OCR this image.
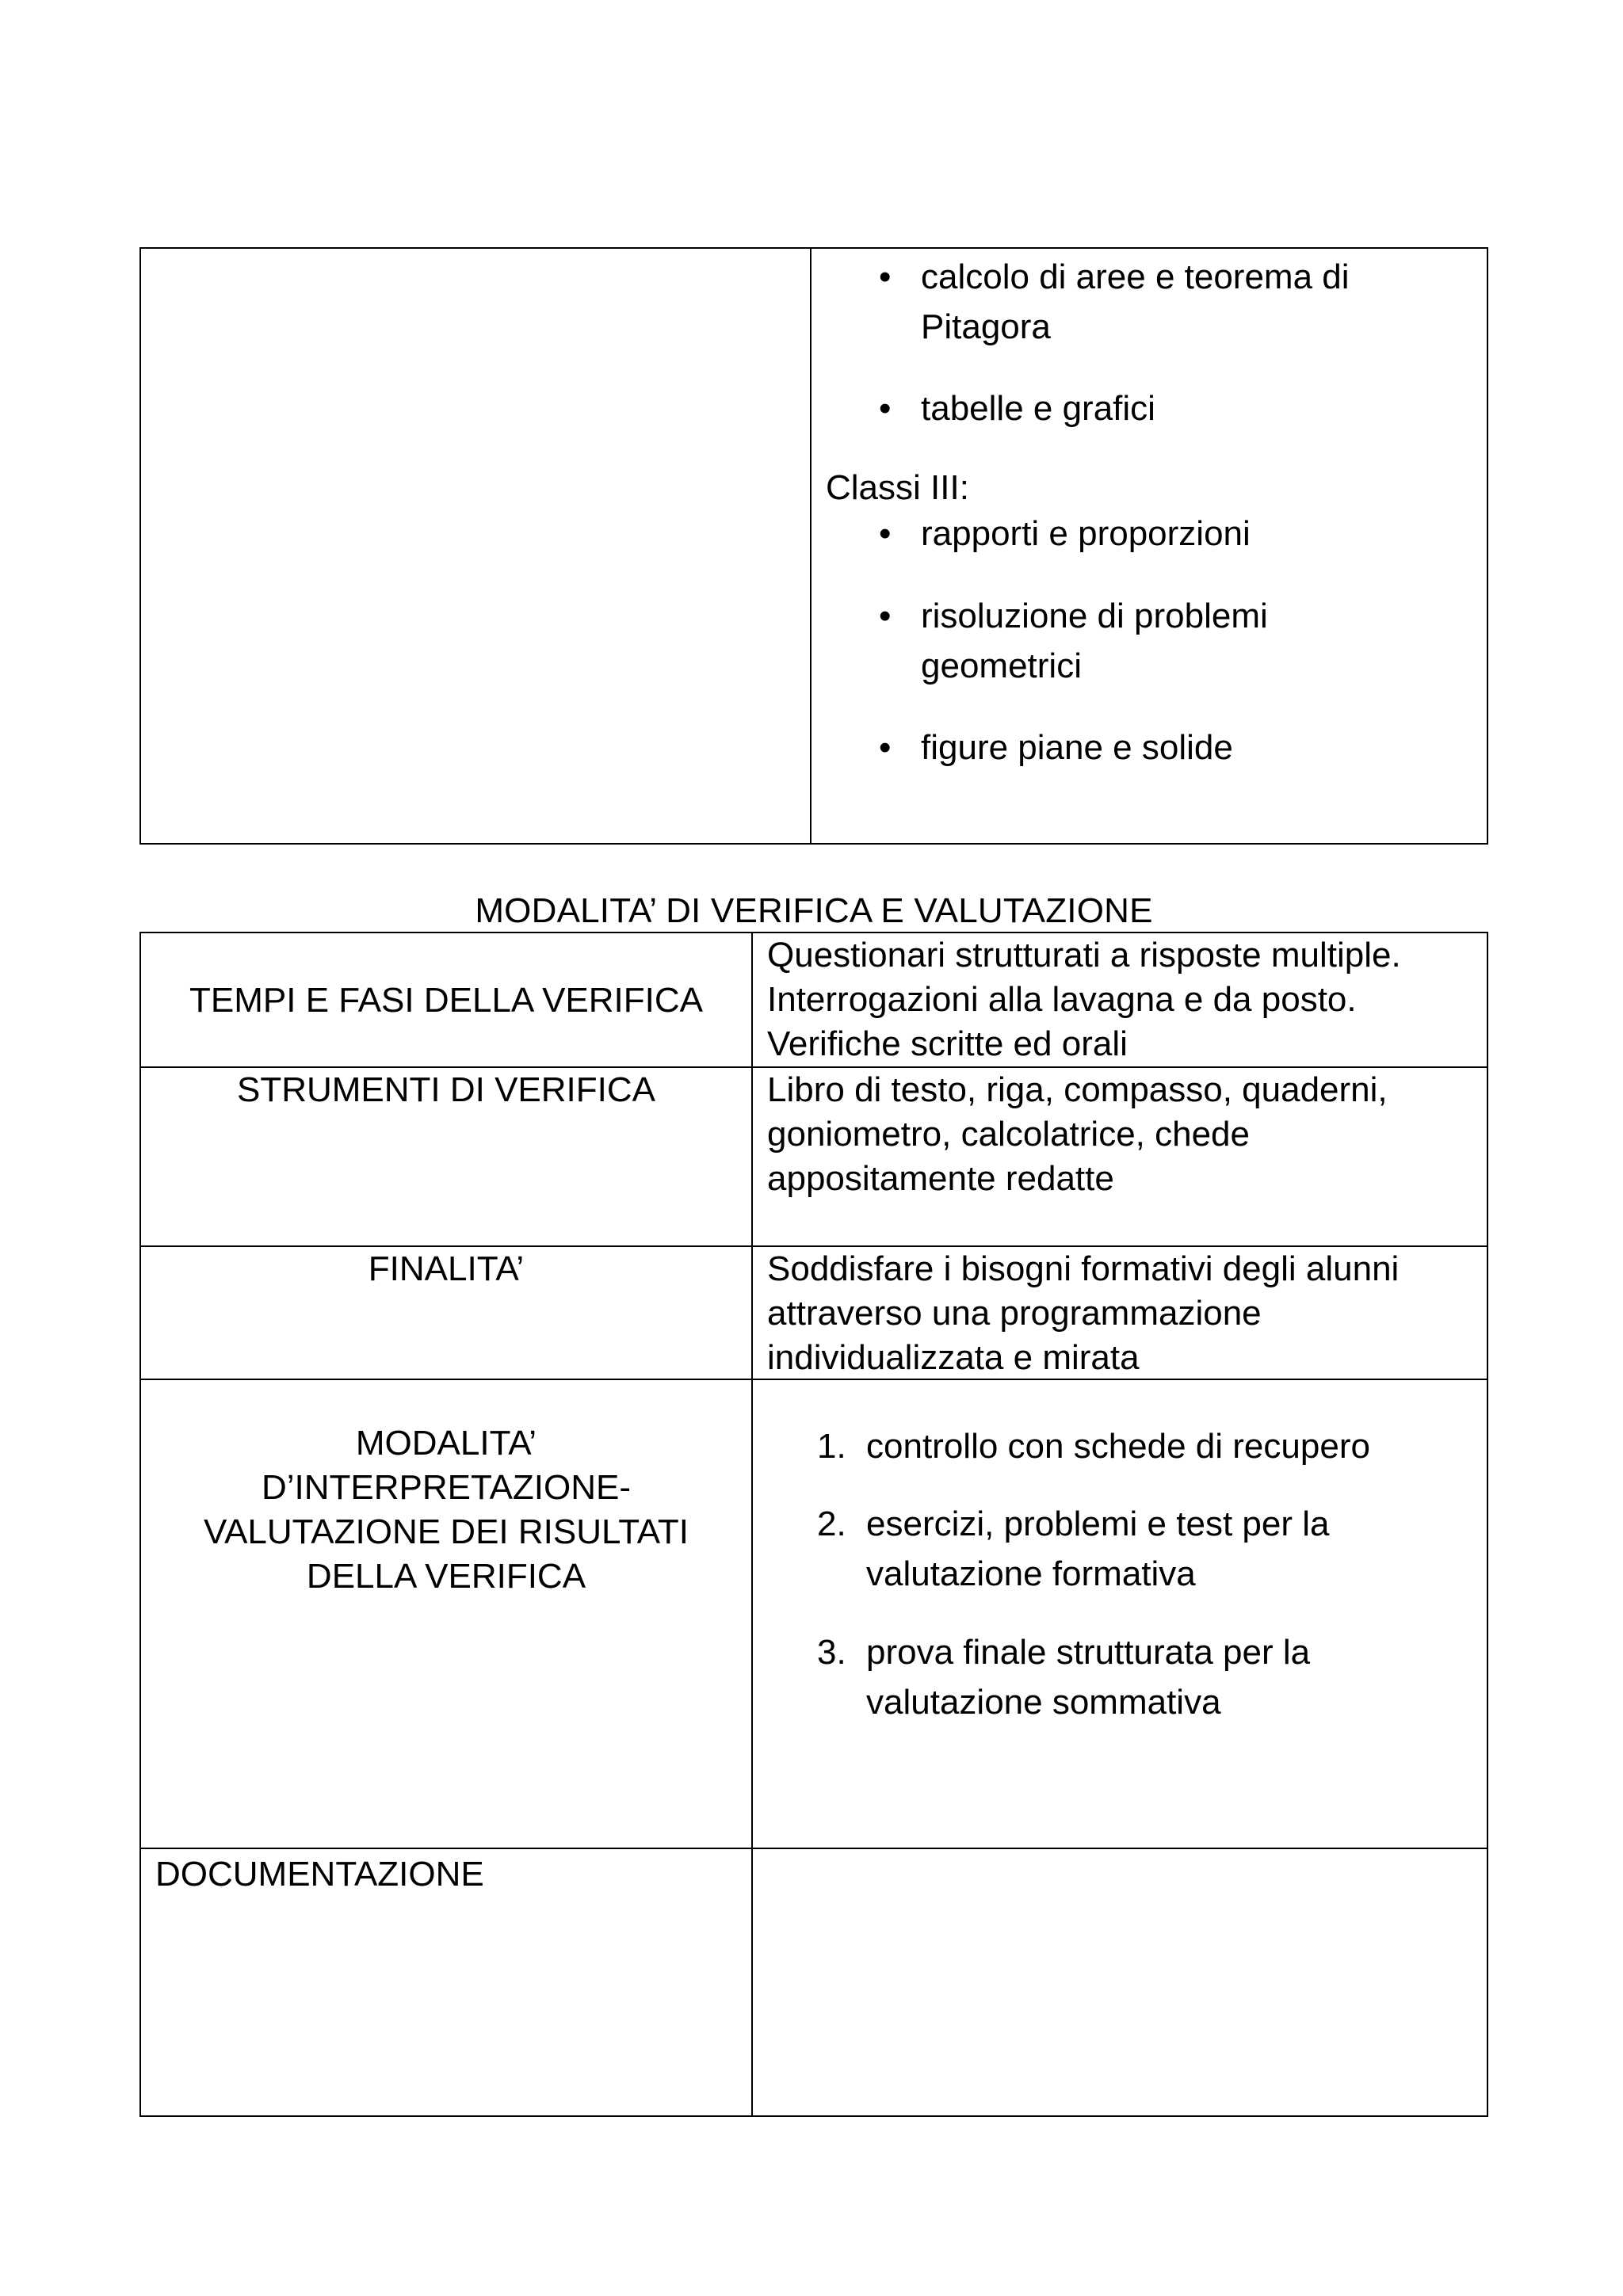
• calcolo di aree e teorema di
Pitagora
• tabelle e grafici
Classi III:
• rapporti e proporzioni
• risoluzione di problemi
geometrici
• figure piane e solide
MODALITA’ DI VERIFICA E VALUTAZIONE
TEMPI E FASI DELLA VERIFICA
Questionari strutturati a risposte multiple.
Interrogazioni alla lavagna e da posto.
Verifiche scritte ed orali
STRUMENTI DI VERIFICA	Libro di testo, riga, compasso, quaderni,
goniometro, calcolatrice, chede
appositamente redatte
FINALITA’	Soddisfare i bisogni formativi degli alunni
attraverso una programmazione
individualizzata e mirata
MODALITA’
D’INTERPRETAZIONE-
VALUTAZIONE DEI RISULTATI
DELLA VERIFICA
1. controllo con schede di recupero
2. esercizi, problemi e test per la
valutazione formativa
3. prova finale strutturata per la
valutazione sommativa
DOCUMENTAZIONE
